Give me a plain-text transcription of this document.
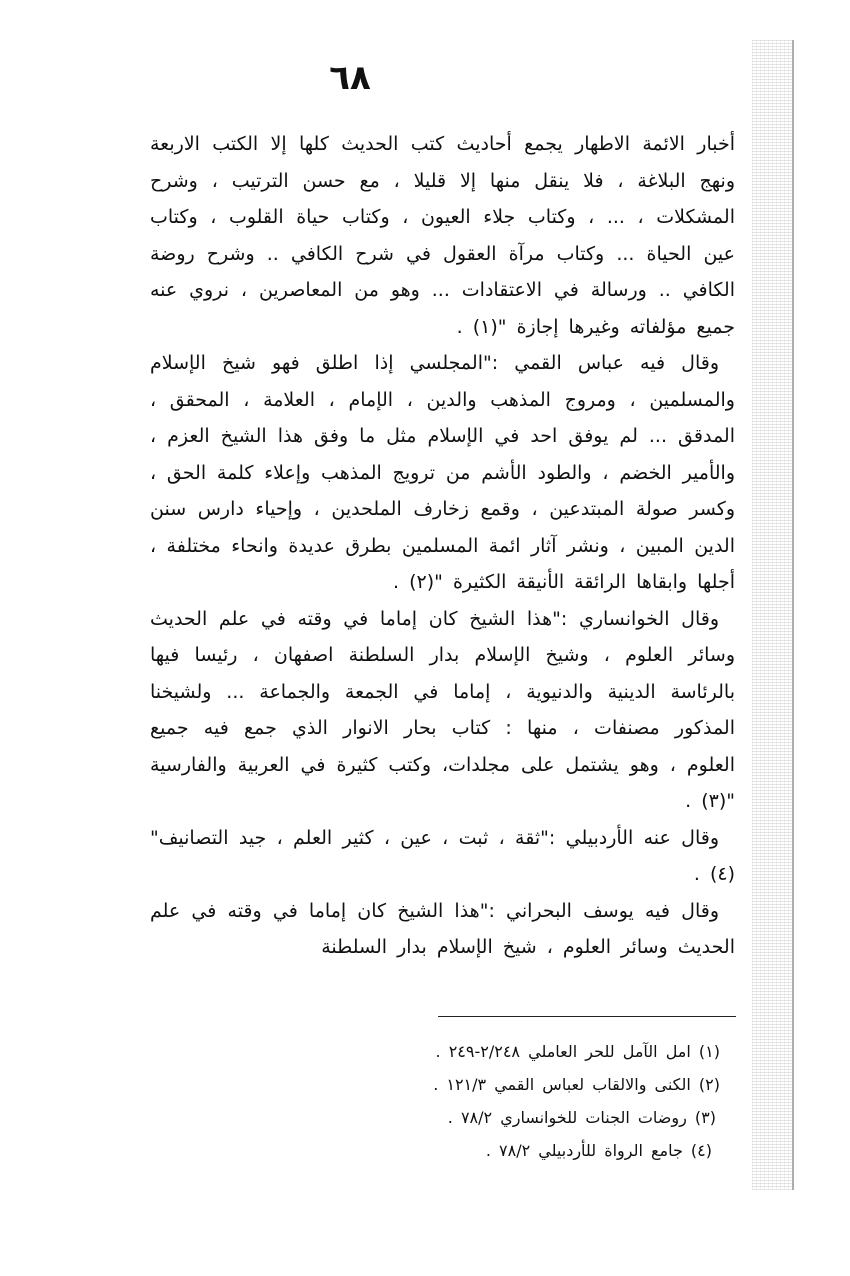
٦٨

أخبار الائمة الاطهار يجمع أحاديث كتب الحديث كلها إلا الكتب الاربعة ونهج البلاغة ، فلا ينقل منها إلا قليلا ، مع حسن الترتيب ، وشرح المشكلات ، ... ، وكتاب جلاء العيون ، وكتاب حياة القلوب ، وكتاب عين الحياة ... وكتاب مرآة العقول في شرح الكافي .. وشرح روضة الكافي .. ورسالة في الاعتقادات ... وهو من المعاصرين ، نروي عنه جميع مؤلفاته وغيرها إجازة "(١) .

وقال فيه عباس القمي :"المجلسي إذا اطلق فهو شيخ الإسلام والمسلمين ، ومروج المذهب والدين ، الإمام ، العلامة ، المحقق ، المدقق ... لم يوفق احد في الإسلام مثل ما وفق هذا الشيخ العزم ، والأمير الخضم ، والطود الأشم من ترويج المذهب وإعلاء كلمة الحق ، وكسر صولة المبتدعين ، وقمع زخارف الملحدين ، وإحياء دارس سنن الدين المبين ، ونشر آثار ائمة المسلمين بطرق عديدة وانحاء مختلفة ، أجلها وابقاها الرائقة الأنيقة الكثيرة "(٢) .

وقال الخوانساري :"هذا الشيخ كان إماما في وقته في علم الحديث وسائر العلوم ، وشيخ الإسلام بدار السلطنة اصفهان ، رئيسا فيها بالرئاسة الدينية والدنيوية ، إماما في الجمعة والجماعة ... ولشيخنا المذكور مصنفات ، منها : كتاب بحار الانوار الذي جمع فيه جميع العلوم ، وهو يشتمل على مجلدات، وكتب كثيرة في العربية والفارسية "(٣) .

وقال عنه الأردبيلي :"ثقة ، ثبت ، عين ، كثير العلم ، جيد التصانيف"(٤) .

وقال فيه يوسف البحراني :"هذا الشيخ كان إماما في وقته في علم الحديث وسائر العلوم ، شيخ الإسلام بدار السلطنة

(١) امل الآمل للحر العاملي ٢/٢٤٨-٢٤٩ .

(٢) الكنى والالقاب لعباس القمي ١٢١/٣ .

(٣) روضات الجنات للخوانساري ٧٨/٢ .

(٤) جامع الرواة للأردبيلي ٧٨/٢ .
